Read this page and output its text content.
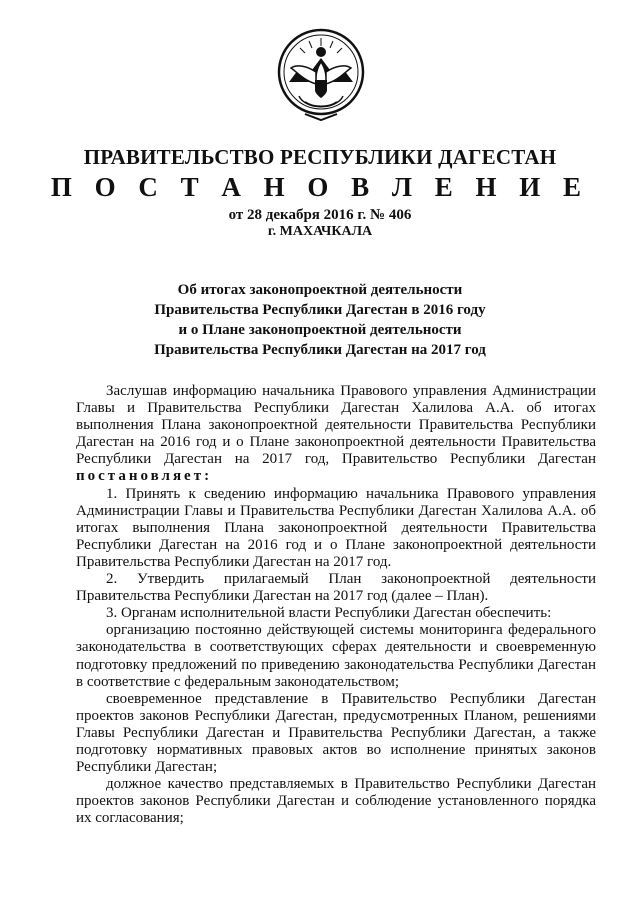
ПРАВИТЕЛЬСТВО РЕСПУБЛИКИ ДАГЕСТАН
П О С Т А Н О В Л Е Н И Е
от 28 декабря 2016 г. № 406
г. МАХАЧКАЛА
Об итогах законопроектной деятельности
Правительства Республики Дагестан в 2016 году
и о Плане законопроектной деятельности
Правительства Республики Дагестан на 2017 год

Заслушав информацию начальника Правового управления Администрации Главы и Правительства Республики Дагестан Халилова А.А. об итогах выполнения Плана законопроектной деятельности Правительства Республики Дагестан на 2016 год и о Плане законопроектной деятельности Правительства Республики Дагестан на 2017 год, Правительство Республики Дагестан постановляет:

1. Принять к сведению информацию начальника Правового управления Администрации Главы и Правительства Республики Дагестан Халилова А.А. об итогах выполнения Плана законопроектной деятельности Правительства Республики Дагестан на 2016 год и о Плане законопроектной деятельности Правительства Республики Дагестан на 2017 год.

2. Утвердить прилагаемый План законопроектной деятельности Правительства Республики Дагестан на 2017 год (далее – План).

3. Органам исполнительной власти Республики Дагестан обеспечить:

организацию постоянно действующей системы мониторинга федерального законодательства в соответствующих сферах деятельности и своевременную подготовку предложений по приведению законодательства Республики Дагестан в соответствие с федеральным законодательством;

своевременное представление в Правительство Республики Дагестан проектов законов Республики Дагестан, предусмотренных Планом, решениями Главы Республики Дагестан и Правительства Республики Дагестан, а также подготовку нормативных правовых актов во исполнение принятых законов Республики Дагестан;

должное качество представляемых в Правительство Республики Дагестан проектов законов Республики Дагестан и соблюдение установленного порядка их согласования;
